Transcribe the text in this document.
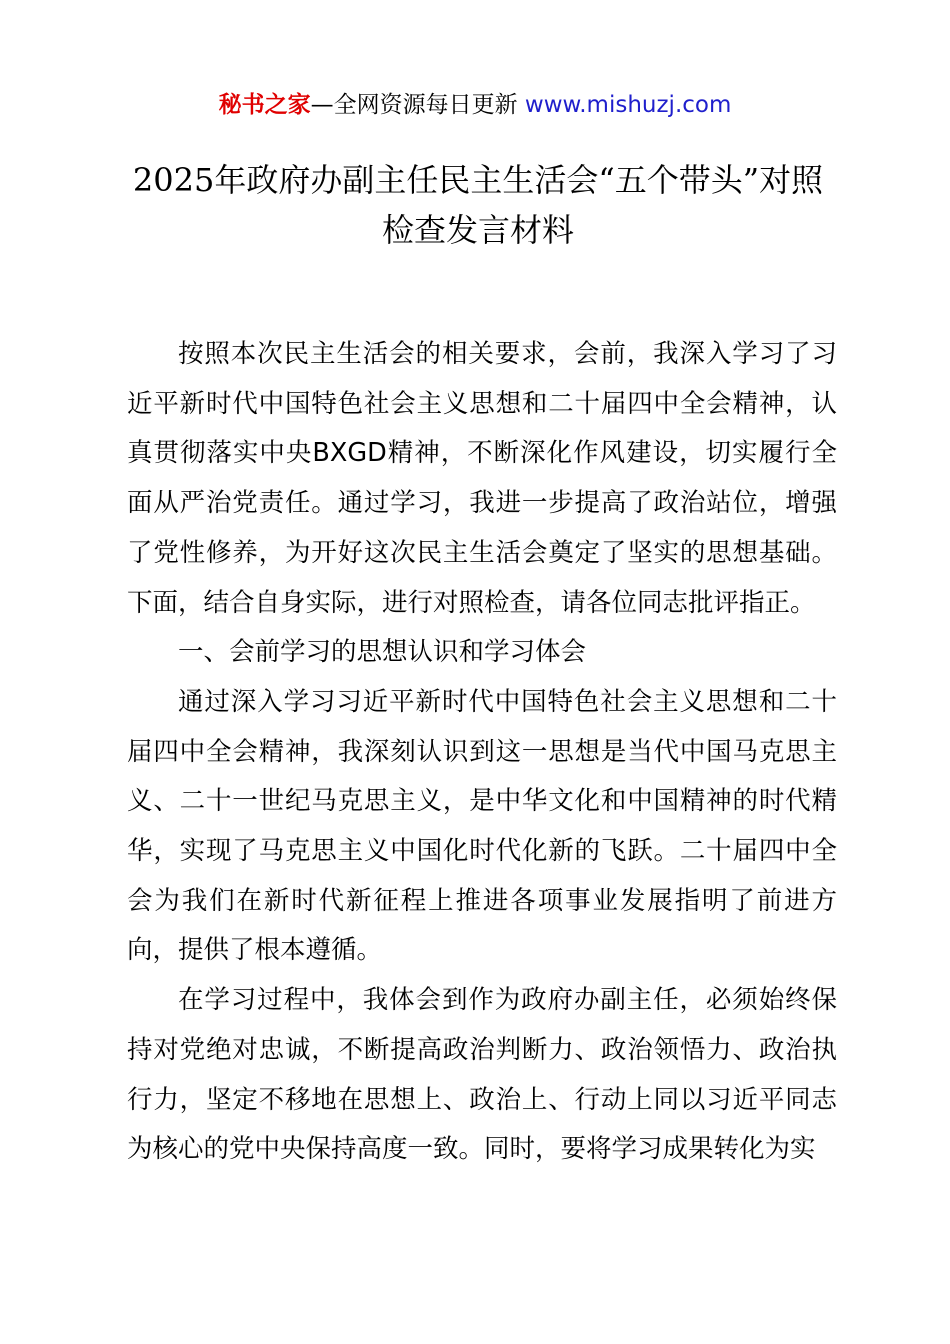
秘书之家—全网资源每日更新 www.mishuzj.com
2025年政府办副主任民主生活会“五个带头”对照检查发言材料

按照本次民主生活会的相关要求，会前，我深入学习了习近平新时代中国特色社会主义思想和二十届四中全会精神，认真贯彻落实中央BXGD精神，不断深化作风建设，切实履行全面从严治党责任。通过学习，我进一步提高了政治站位，增强了党性修养，为开好这次民主生活会奠定了坚实的思想基础。下面，结合自身实际，进行对照检查，请各位同志批评指正。

一、会前学习的思想认识和学习体会

通过深入学习习近平新时代中国特色社会主义思想和二十届四中全会精神，我深刻认识到这一思想是当代中国马克思主义、二十一世纪马克思主义，是中华文化和中国精神的时代精华，实现了马克思主义中国化时代化新的飞跃。二十届四中全会为我们在新时代新征程上推进各项事业发展指明了前进方向，提供了根本遵循。

在学习过程中，我体会到作为政府办副主任，必须始终保持对党绝对忠诚，不断提高政治判断力、政治领悟力、政治执行力，坚定不移地在思想上、政治上、行动上同以习近平同志为核心的党中央保持高度一致。同时，要将学习成果转化为实
